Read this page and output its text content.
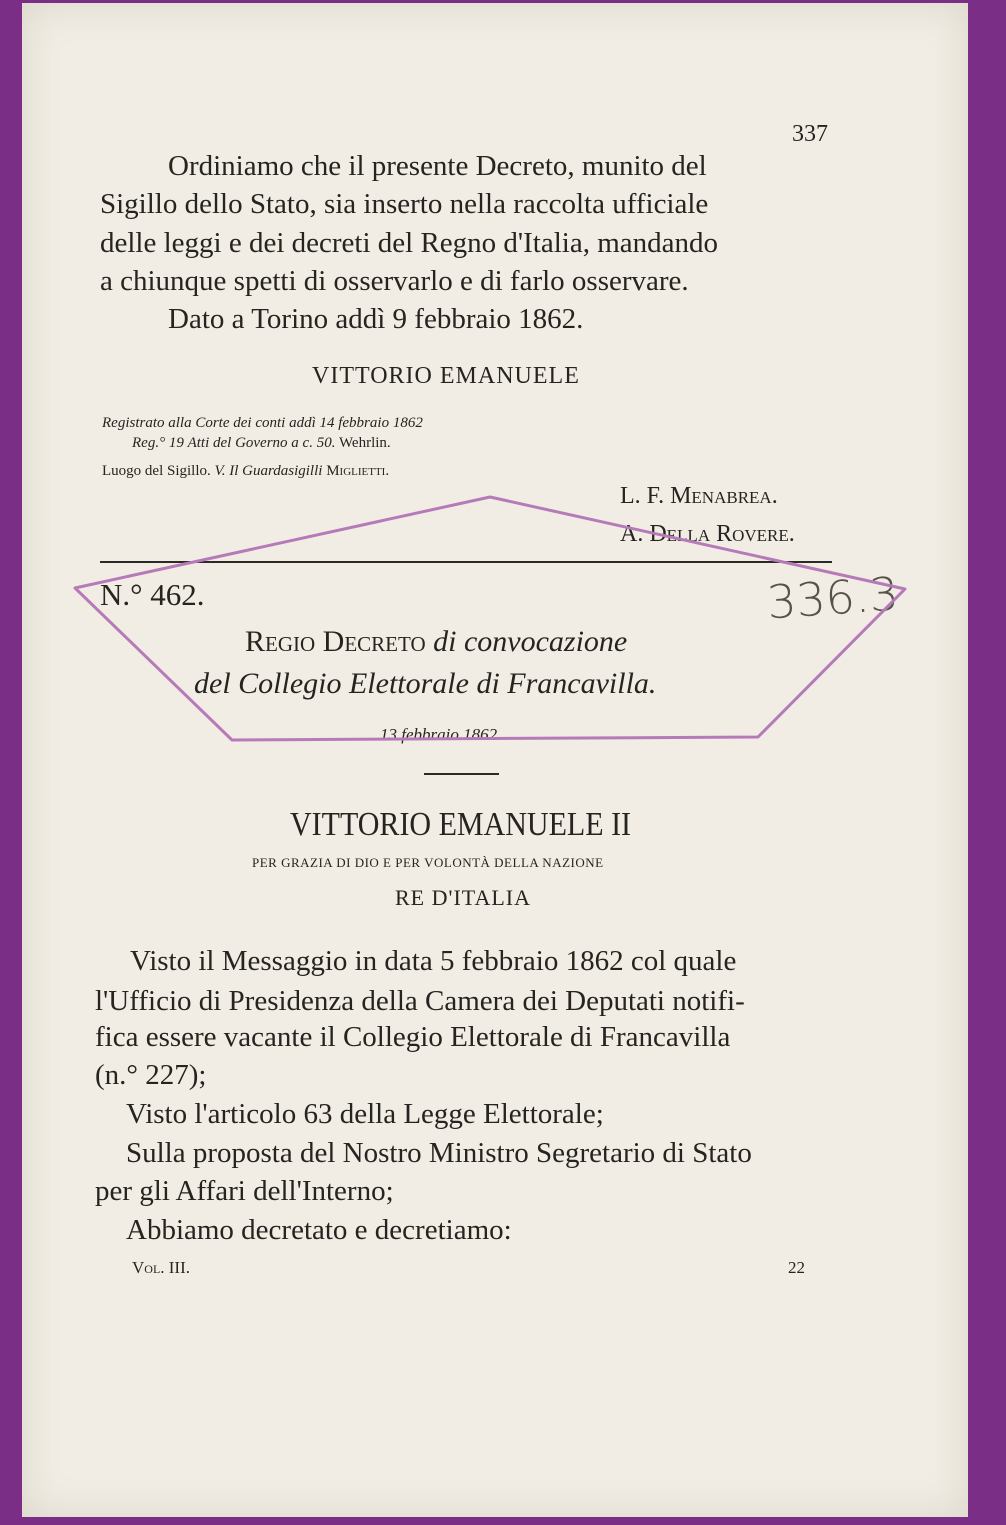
337
Ordiniamo che il presente Decreto, munito del
Sigillo dello Stato, sia inserto nella raccolta ufficiale
delle leggi e dei decreti del Regno d'Italia, mandando
a chiunque spetti di osservarlo e di farlo osservare.
Dato a Torino addì 9 febbraio 1862.
VITTORIO EMANUELE
Registrato alla Corte dei conti addì 14 febbraio 1862
Reg.° 19 Atti del Governo a c. 50. Wehrlin.
Luogo del Sigillo. V. Il Guardasigilli Miglietti.
L. F. Menabrea.
A. Della Rovere.
N.° 462.	336.3
Regio Decreto di convocazione
del Collegio Elettorale di Francavilla.
13 febbraio 1862
VITTORIO EMANUELE II
PER GRAZIA DI DIO E PER VOLONTÀ DELLA NAZIONE
RE D'ITALIA
Visto il Messaggio in data 5 febbraio 1862 col quale
l'Ufficio di Presidenza della Camera dei Deputati notifi-
fica essere vacante il Collegio Elettorale di Francavilla
(n.° 227);
Visto l'articolo 63 della Legge Elettorale;
Sulla proposta del Nostro Ministro Segretario di Stato
per gli Affari dell'Interno;
Abbiamo decretato e decretiamo:
Vol. III.	22
